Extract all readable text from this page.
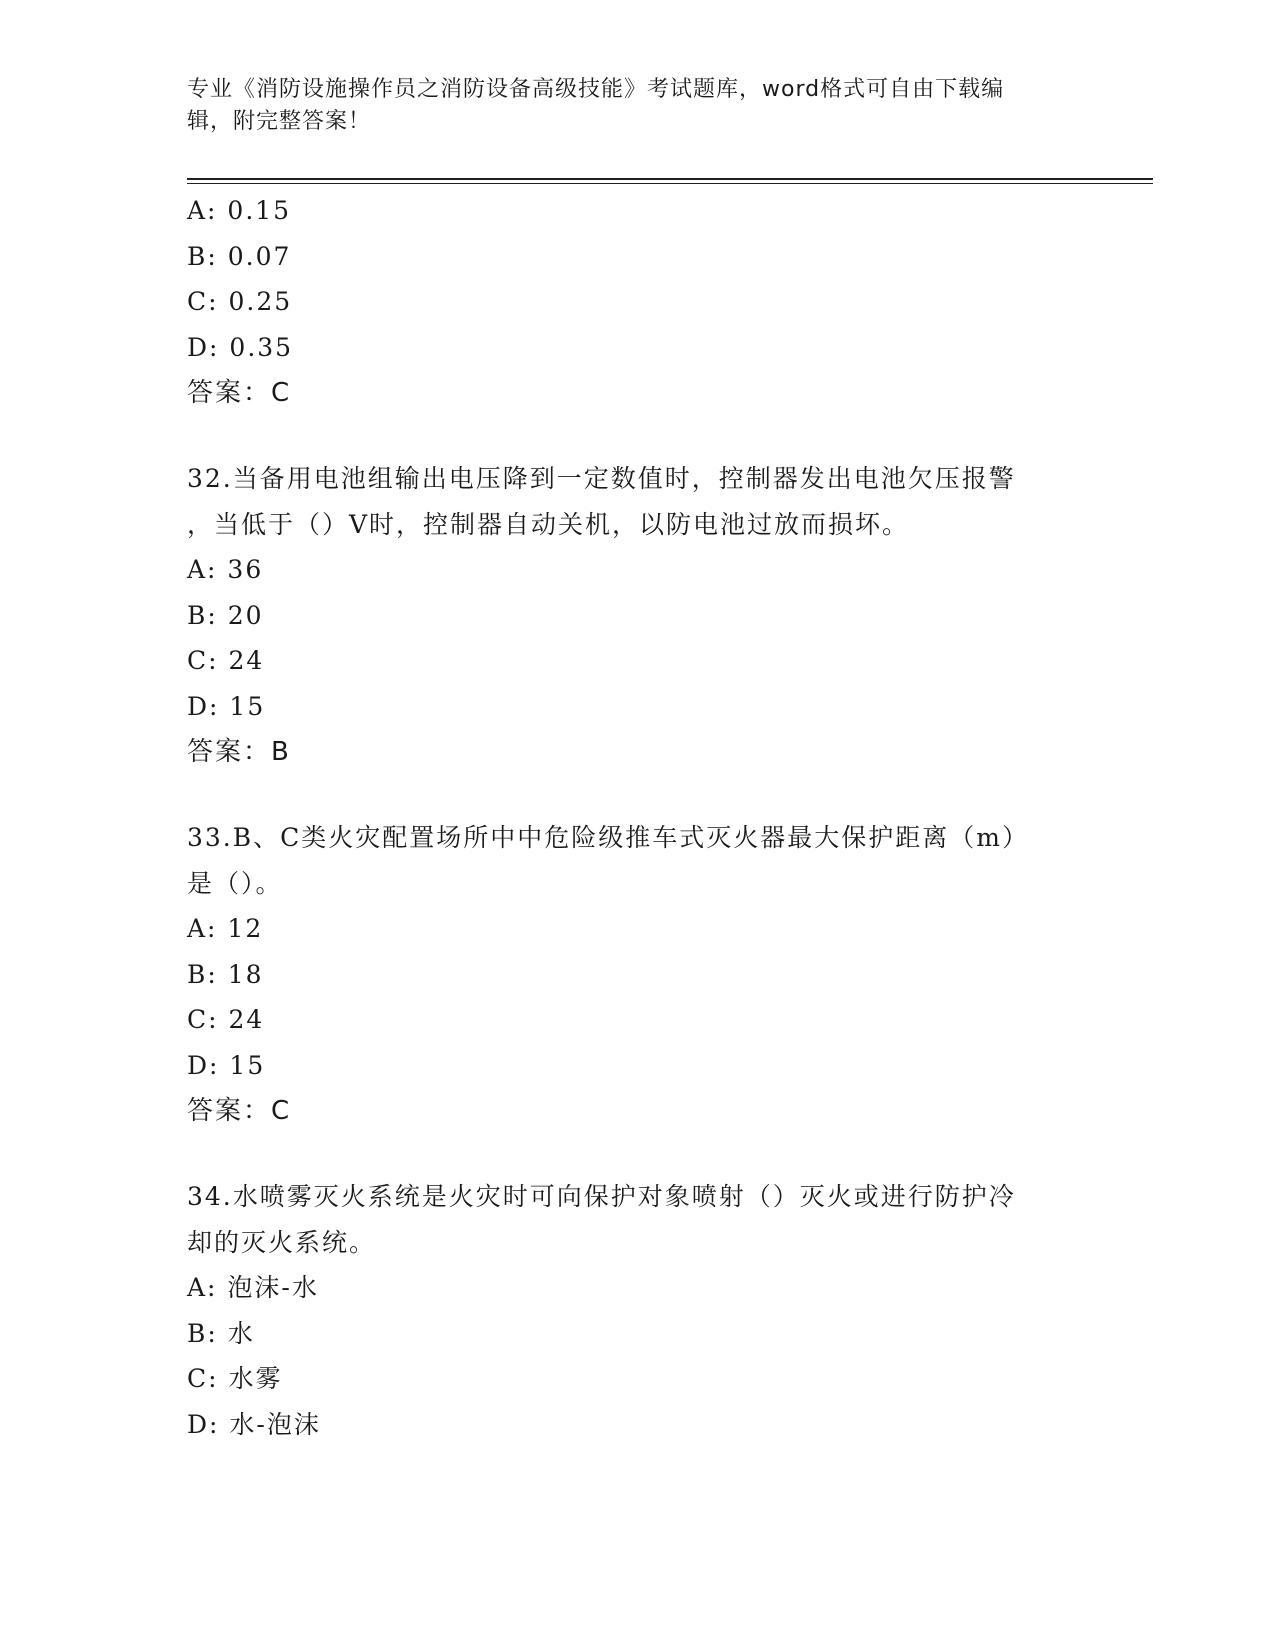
专业《消防设施操作员之消防设备高级技能》考试题库，word格式可自由下载编
辑，附完整答案！
A: 0.15
B: 0.07
C: 0.25
D: 0.35
答案：C
32.当备用电池组输出电压降到一定数值时，控制器发出电池欠压报警
，当低于（）V时，控制器自动关机，以防电池过放而损坏。
A: 36
B: 20
C: 24
D: 15
答案：B
33.B、C类火灾配置场所中中危险级推车式灭火器最大保护距离（m）
是（）。
A: 12
B: 18
C: 24
D: 15
答案：C
34.水喷雾灭火系统是火灾时可向保护对象喷射（）灭火或进行防护冷
却的灭火系统。
A: 泡沫-水
B: 水
C: 水雾
D: 水-泡沫
